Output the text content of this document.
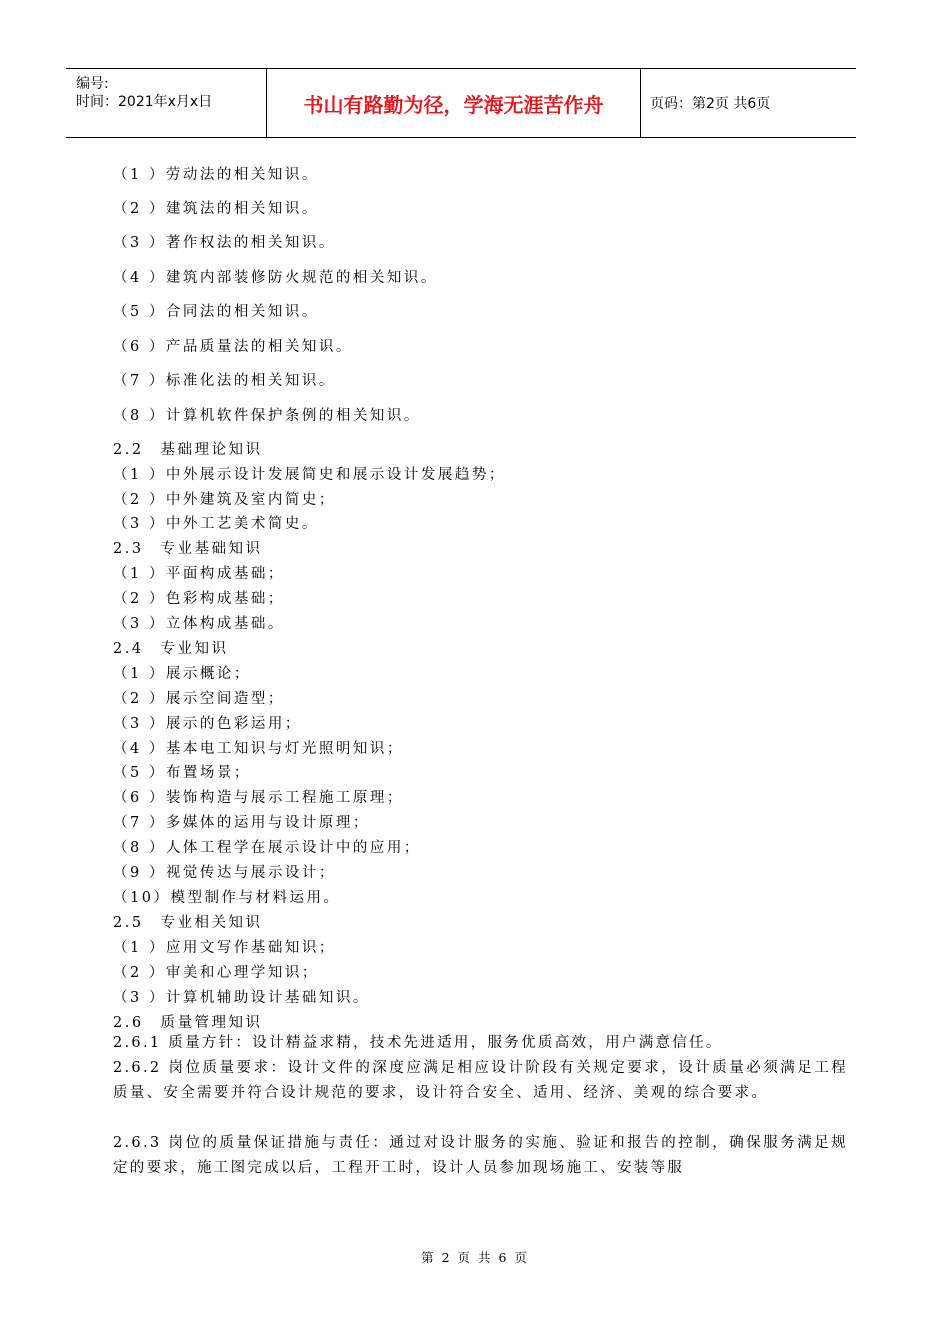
编号:
时间：2021年x月x日	书山有路勤为径，学海无涯苦作舟	页码：第2页 共6页
（1 ）劳动法的相关知识。
（2 ）建筑法的相关知识。
（3 ）著作权法的相关知识。
（4 ）建筑内部装修防火规范的相关知识。
（5 ）合同法的相关知识。
（6 ）产品质量法的相关知识。
（7 ）标准化法的相关知识。
（8 ）计算机软件保护条例的相关知识。
2.2　基础理论知识
（1 ）中外展示设计发展简史和展示设计发展趋势；
（2 ）中外建筑及室内简史；
（3 ）中外工艺美术简史。
2.3　专业基础知识
（1 ）平面构成基础；
（2 ）色彩构成基础；
（3 ）立体构成基础。
2.4　专业知识
（1 ）展示概论；
（2 ）展示空间造型；
（3 ）展示的色彩运用；
（4 ）基本电工知识与灯光照明知识；
（5 ）布置场景；
（6 ）装饰构造与展示工程施工原理；
（7 ）多媒体的运用与设计原理；
（8 ）人体工程学在展示设计中的应用；
（9 ）视觉传达与展示设计；
（10）模型制作与材料运用。
2.5　专业相关知识
（1 ）应用文写作基础知识；
（2 ）审美和心理学知识；
（3 ）计算机辅助设计基础知识。
2.6　质量管理知识
2.6.1 质量方针：设计精益求精，技术先进适用，服务优质高效，用户满意信任。
2.6.2 岗位质量要求：设计文件的深度应满足相应设计阶段有关规定要求，设计质量必须满足工程质量、安全需要并符合设计规范的要求，设计符合安全、适用、经济、美观的综合要求。
2.6.3 岗位的质量保证措施与责任：通过对设计服务的实施、验证和报告的控制，确保服务满足规定的要求，施工图完成以后，工程开工时，设计人员参加现场施工、安装等服
第 2 页 共 6 页
